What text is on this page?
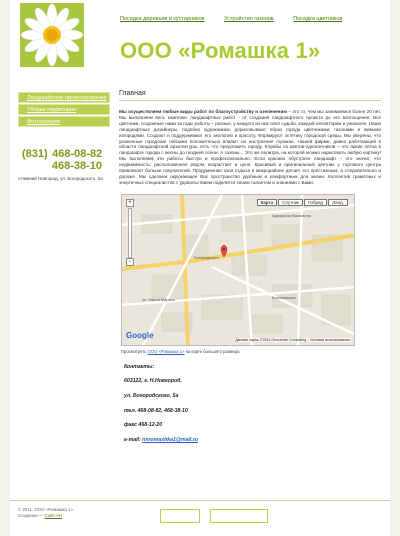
Посадка деревьев и кустарников	Устройство газонов	Посадка цветников
ООО «Ромашка 1»
Ландшафтное проектирование
Уборка территории
Фотогалерея
(831) 468-08-82
468-38-10
г.Нижний Новгород, ул. Богородского, 5а
Главная

Мы осуществляем любые виды работ по благоустройству и озеленению – это то, чем мы занимаемся более 20 лет. Мы выполняем весь комплекс ландшафтных работ - от создания ландшафтного проекта до его воплощения. Все цветники, созданные нами за годы работы – разные, у каждого из них своя судьба, каждый неповторим и уникален. Наши ландшафтные дизайнеры, подобно художникам, дорисовывают образ города цветниками, газонами и живыми изгородями. Создают и поддерживают его экологию и красоту. Формируют эстетику городской среды. Мы уверены, что ухоженные городские пейзажи положительно влияют на настроение горожан. Нашей фирме, давно работающей в области ландшафтной архитектуры, есть что предложить городу. Клумбы из цветов-однолетников – это яркие пятна в ландшафте города с весны до поздней осени. А газоны... Это же палитра, на которой можно нарисовать любую картину! Мы выполняем эти работы быстро и профессионально. Если красиво обустроен ландшафт – это значит, что недвижимость, расположенная рядом, возрастает в цене. Красивый и оригинальный цветник у торгового центра привлекает больше покупателей. Продуманная зона отдыха в микрорайоне делает его престижным, а следовательно и дороже. Мы сделаем окружающее Вас пространство удобным и комфортным для жизни. Коллектив грамотных и энергичных специалистов с удовольствием поделится своим талантом и знаниями с Вами.

Богородского
Адмирала Васюнина
Березовская
ул. Карла Маркса
+
−
Карта	Спутник	Гибрид	Ланд.
Google	Данные карты ©2011 Geocentre Consulting – Условия использования
Просмотреть ООО «Ромашка 1» на карте большего размера

Контакты:

603122, г. Н.Новгород,

ул. Богородского, 5а

тел. 468-08-82, 468-38-10

факс 468-12-20

e-mail: nnromashka1@mail.ru

© 2011, ООО «Ромашка 1».
Создание — Сайт.НН
